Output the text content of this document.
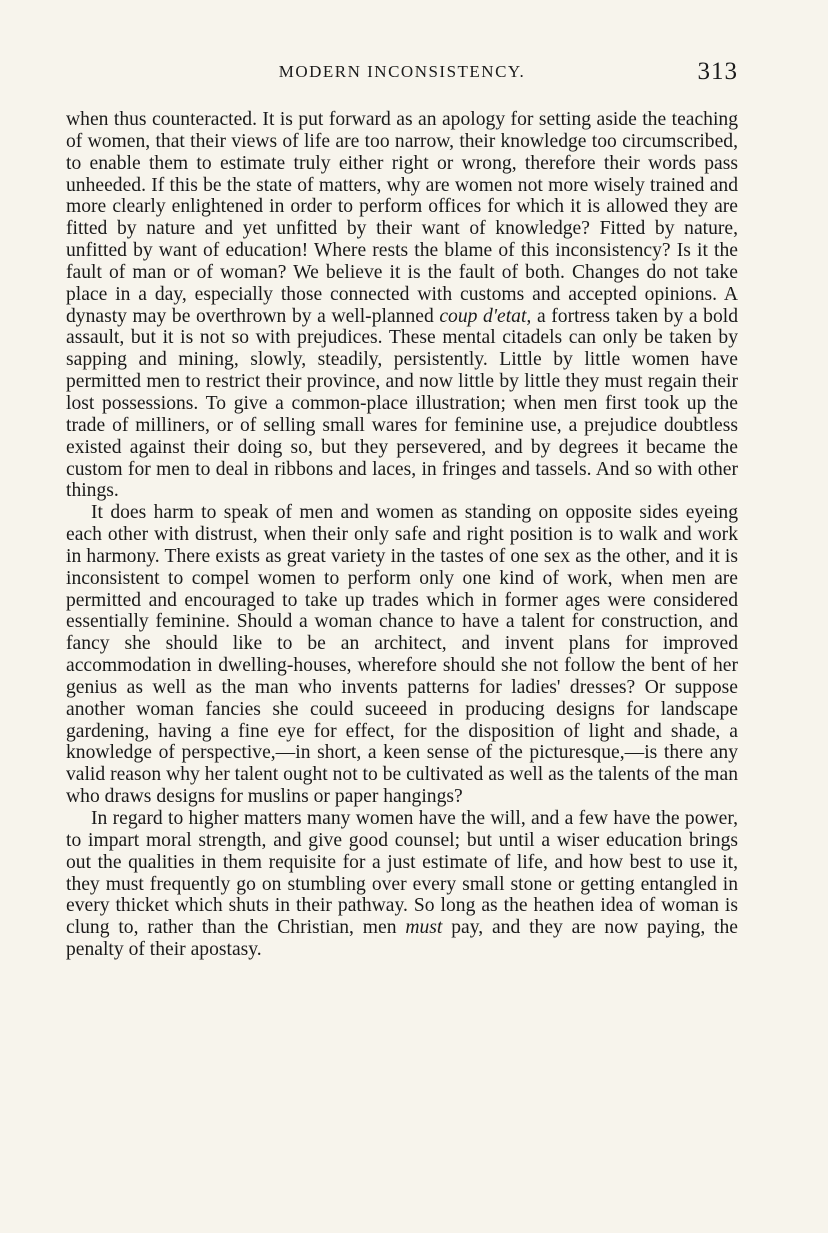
MODERN INCONSISTENCY.	313

when thus counteracted. It is put forward as an apology for setting aside the teaching of women, that their views of life are too narrow, their knowledge too circumscribed, to enable them to estimate truly either right or wrong, therefore their words pass unheeded. If this be the state of matters, why are women not more wisely trained and more clearly enlightened in order to perform offices for which it is allowed they are fitted by nature and yet unfitted by their want of knowledge? Fitted by nature, unfitted by want of education! Where rests the blame of this inconsistency? Is it the fault of man or of woman? We believe it is the fault of both. Changes do not take place in a day, especially those connected with customs and accepted opinions. A dynasty may be overthrown by a well-planned coup d'etat, a fortress taken by a bold assault, but it is not so with prejudices. These mental citadels can only be taken by sapping and mining, slowly, steadily, persistently. Little by little women have permitted men to restrict their province, and now little by little they must regain their lost possessions. To give a common-place illustration; when men first took up the trade of milliners, or of selling small wares for feminine use, a prejudice doubtless existed against their doing so, but they persevered, and by degrees it became the custom for men to deal in ribbons and laces, in fringes and tassels. And so with other things.

It does harm to speak of men and women as standing on opposite sides eyeing each other with distrust, when their only safe and right position is to walk and work in harmony. There exists as great variety in the tastes of one sex as the other, and it is inconsistent to compel women to perform only one kind of work, when men are permitted and encouraged to take up trades which in former ages were considered essentially feminine. Should a woman chance to have a talent for construction, and fancy she should like to be an architect, and invent plans for improved accommodation in dwelling-houses, wherefore should she not follow the bent of her genius as well as the man who invents patterns for ladies' dresses? Or suppose another woman fancies she could suceeed in producing designs for landscape gardening, having a fine eye for effect, for the disposition of light and shade, a knowledge of perspective,—in short, a keen sense of the picturesque,—is there any valid reason why her talent ought not to be cultivated as well as the talents of the man who draws designs for muslins or paper hangings?

In regard to higher matters many women have the will, and a few have the power, to impart moral strength, and give good counsel; but until a wiser education brings out the qualities in them requisite for a just estimate of life, and how best to use it, they must frequently go on stumbling over every small stone or getting entangled in every thicket which shuts in their pathway. So long as the heathen idea of woman is clung to, rather than the Christian, men must pay, and they are now paying, the penalty of their apostasy.
